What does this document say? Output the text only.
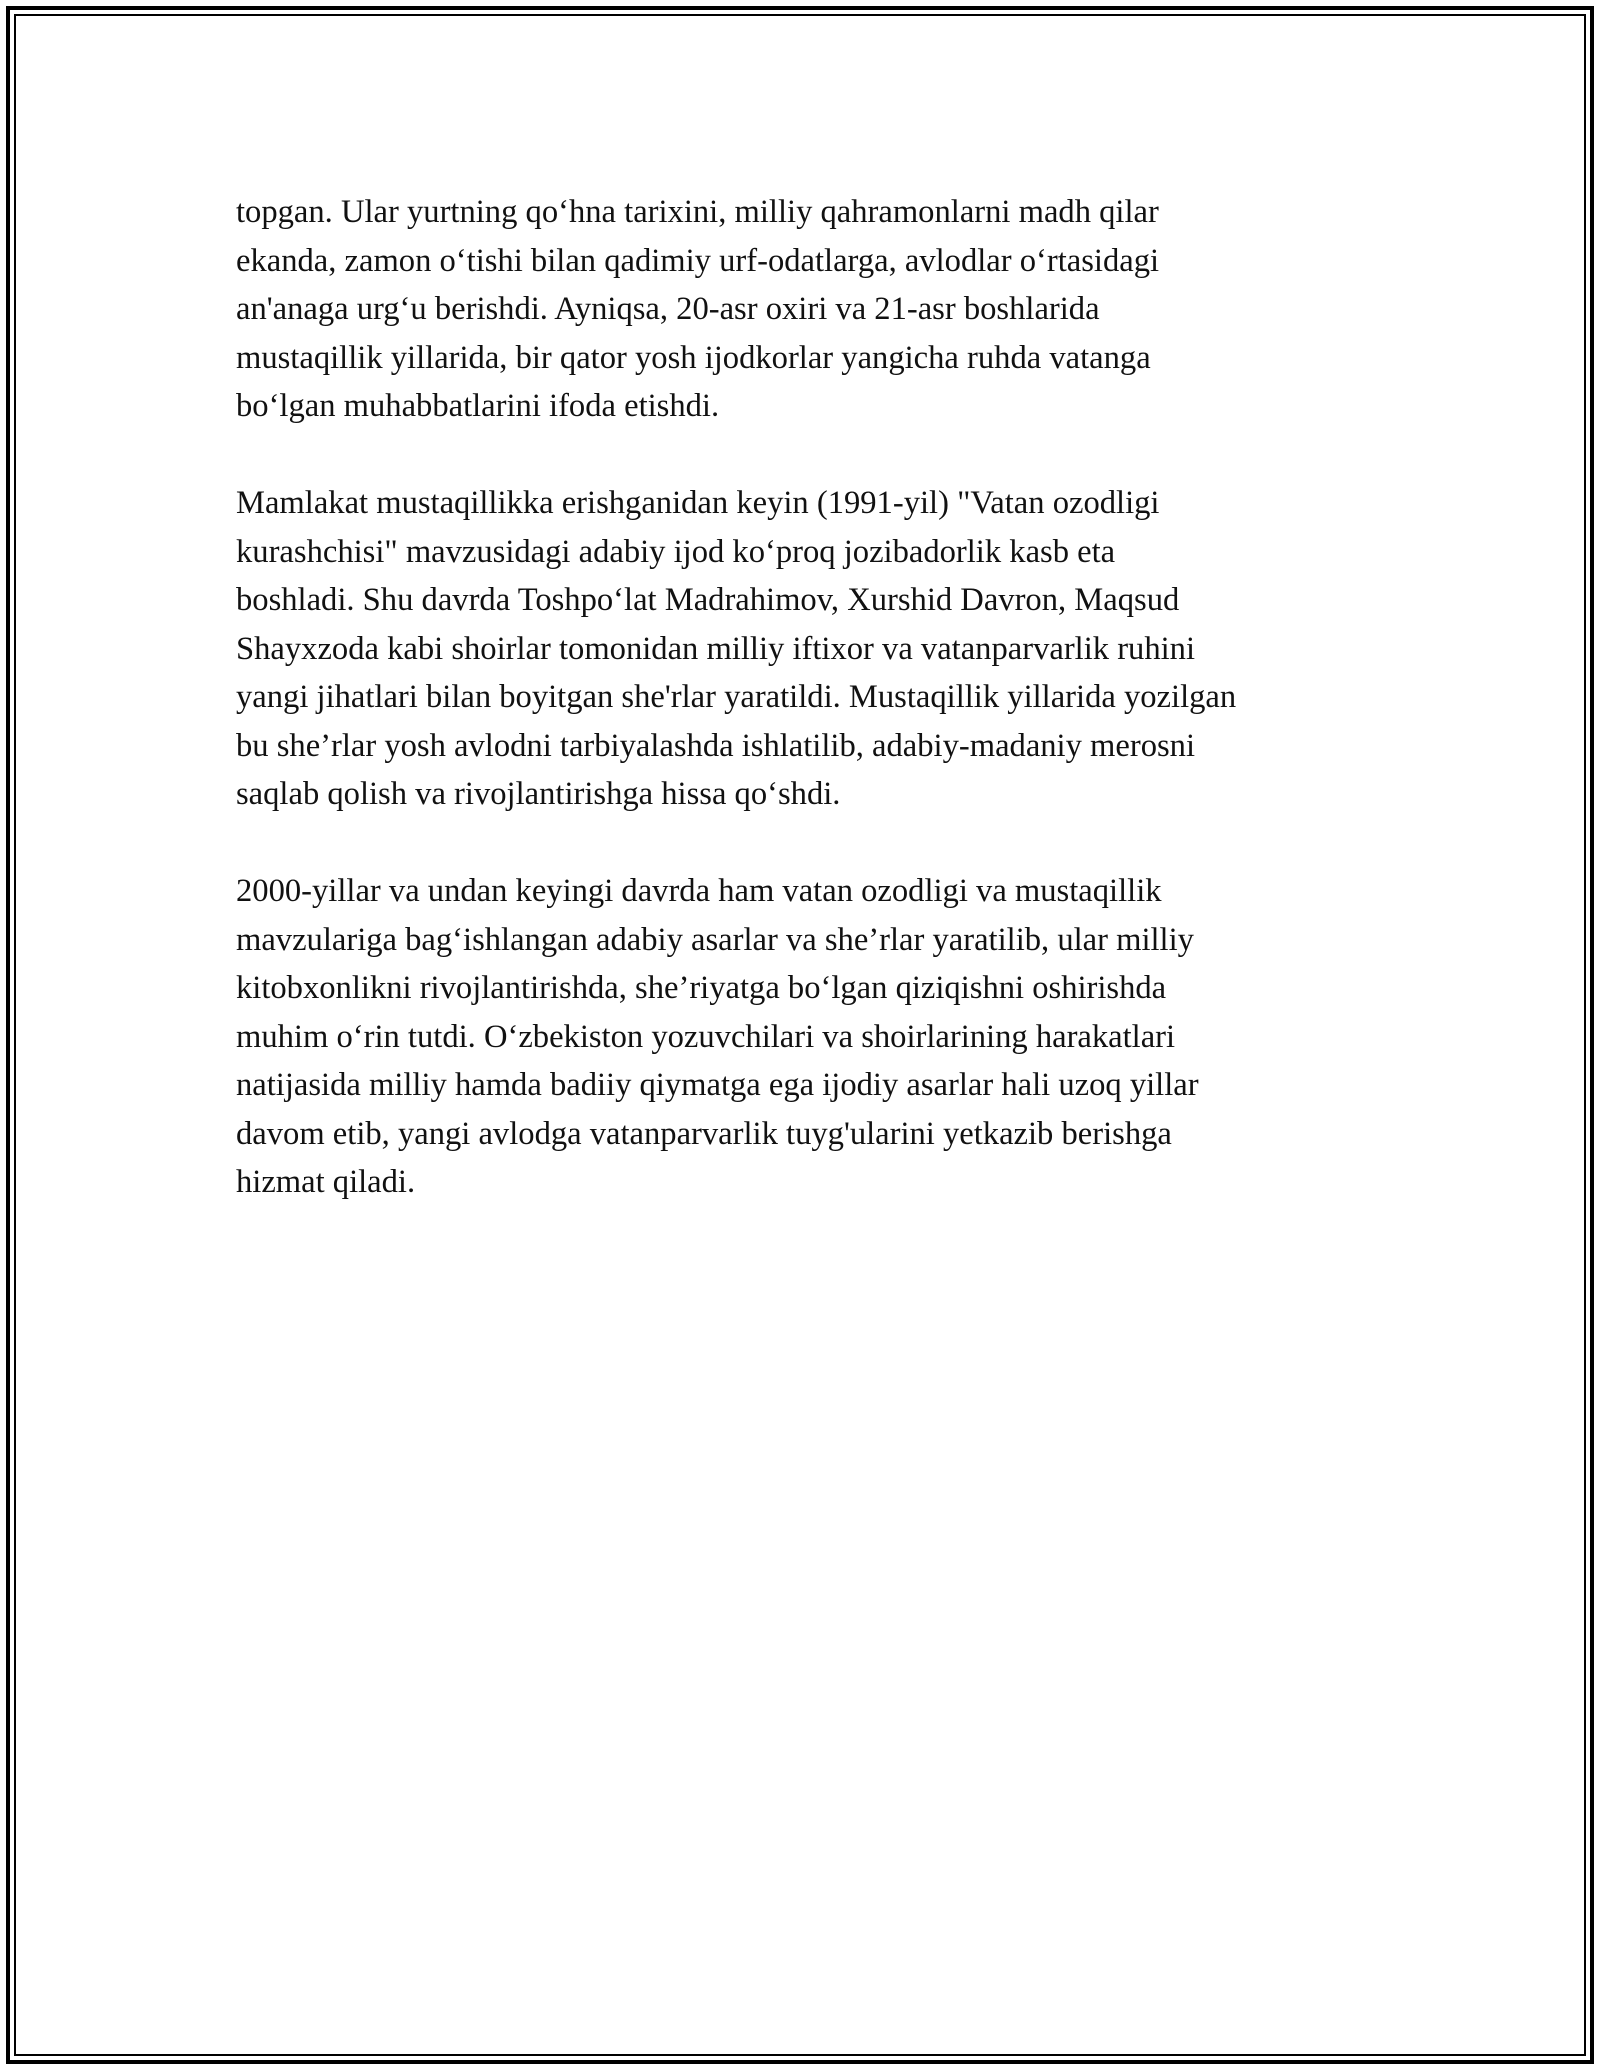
topgan. Ular yurtning qo‘hna tarixini, milliy qahramonlarni madh qilar
ekanda, zamon o‘tishi bilan qadimiy urf-odatlarga, avlodlar o‘rtasidagi
an'anaga urg‘u berishdi. Ayniqsa, 20-asr oxiri va 21-asr boshlarida
mustaqillik yillarida, bir qator yosh ijodkorlar yangicha ruhda vatanga
bo‘lgan muhabbatlarini ifoda etishdi.

Mamlakat mustaqillikka erishganidan keyin (1991-yil) "Vatan ozodligi
kurashchisi" mavzusidagi adabiy ijod ko‘proq jozibadorlik kasb eta
boshladi. Shu davrda Toshpo‘lat Madrahimov, Xurshid Davron, Maqsud
Shayxzoda kabi shoirlar tomonidan milliy iftixor va vatanparvarlik ruhini
yangi jihatlari bilan boyitgan she'rlar yaratildi. Mustaqillik yillarida yozilgan
bu she’rlar yosh avlodni tarbiyalashda ishlatilib, adabiy-madaniy merosni
saqlab qolish va rivojlantirishga hissa qo‘shdi.

2000-yillar va undan keyingi davrda ham vatan ozodligi va mustaqillik
mavzulariga bag‘ishlangan adabiy asarlar va she’rlar yaratilib, ular milliy
kitobxonlikni rivojlantirishda, she’riyatga bo‘lgan qiziqishni oshirishda
muhim o‘rin tutdi. O‘zbekiston yozuvchilari va shoirlarining harakatlari
natijasida milliy hamda badiiy qiymatga ega ijodiy asarlar hali uzoq yillar
davom etib, yangi avlodga vatanparvarlik tuyg'ularini yetkazib berishga
hizmat qiladi.
